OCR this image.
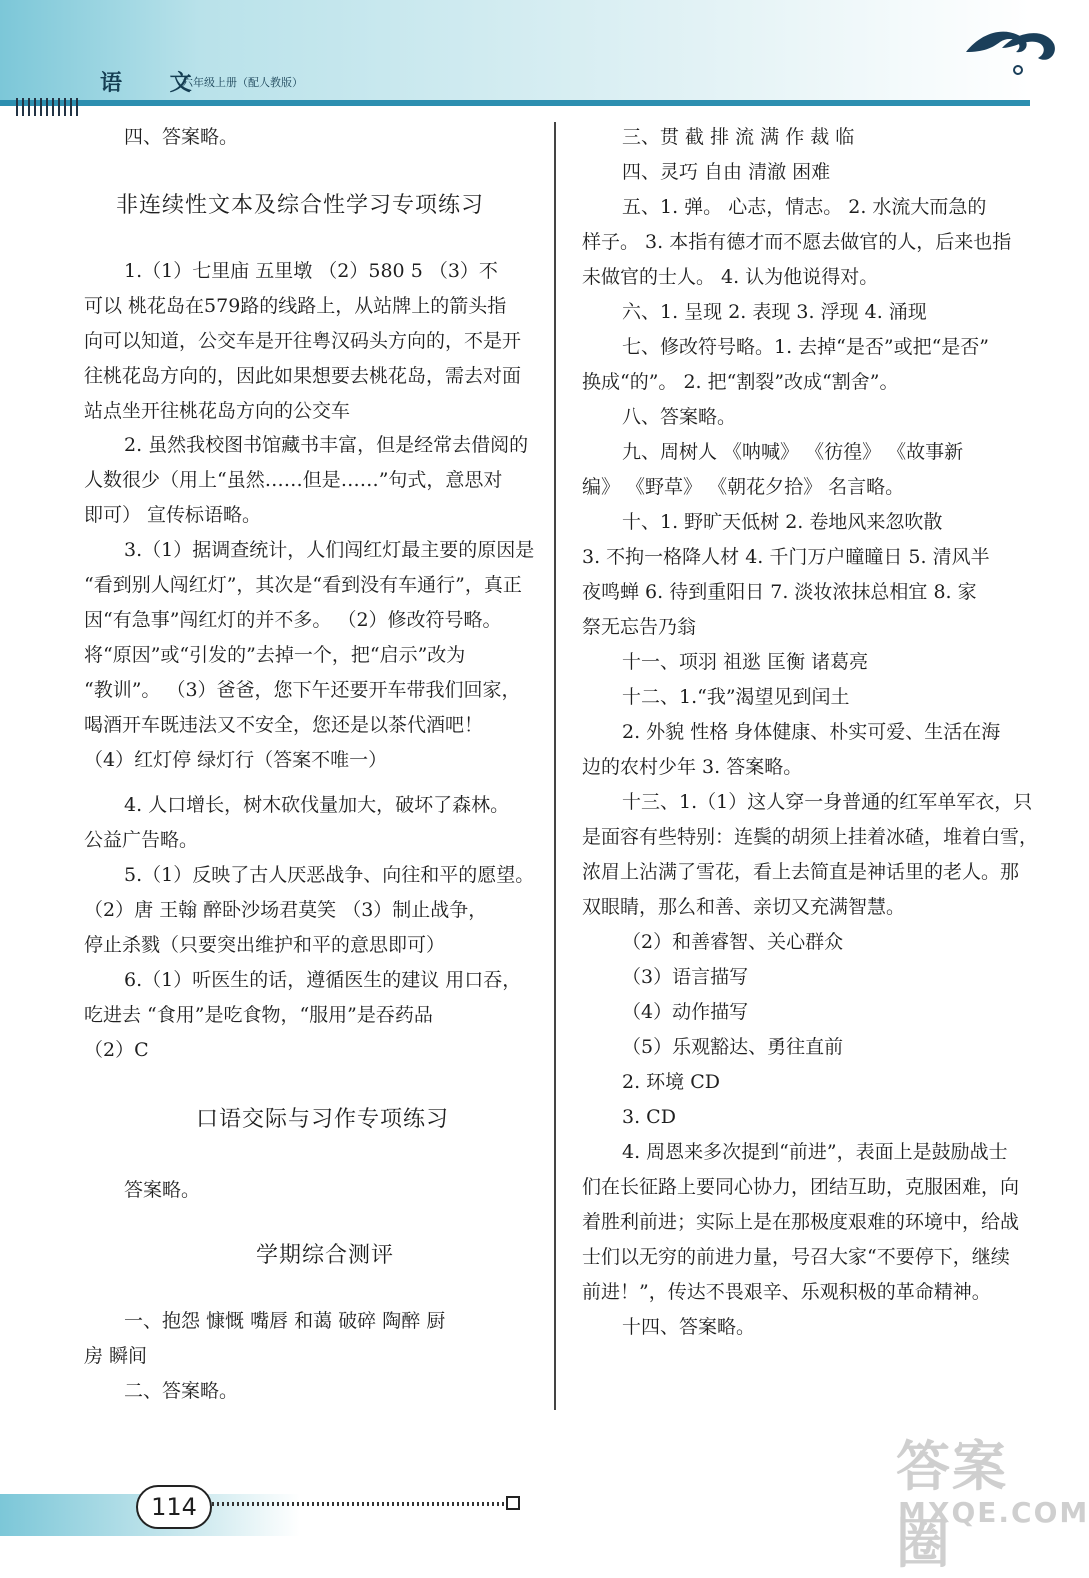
语 文
六年级上册（配人教版）
四、答案略。
非连续性文本及综合性学习专项练习
1.（1）七里庙 五里墩 （2）580 5 （3）不
可以 桃花岛在579路的线路上，从站牌上的箭头指
向可以知道，公交车是开往粤汉码头方向的，不是开
往桃花岛方向的，因此如果想要去桃花岛，需去对面
站点坐开往桃花岛方向的公交车
2. 虽然我校图书馆藏书丰富，但是经常去借阅的
人数很少（用上“虽然……但是……”句式，意思对
即可） 宣传标语略。
3.（1）据调查统计，人们闯红灯最主要的原因是
“看到别人闯红灯”，其次是“看到没有车通行”，真正
因“有急事”闯红灯的并不多。 （2）修改符号略。
将“原因”或“引发的”去掉一个，把“启示”改为
“教训”。 （3）爸爸，您下午还要开车带我们回家，
喝酒开车既违法又不安全，您还是以茶代酒吧！
（4）红灯停 绿灯行（答案不唯一）
4. 人口增长，树木砍伐量加大，破坏了森林。
公益广告略。
5.（1）反映了古人厌恶战争、向往和平的愿望。
（2）唐 王翰 醉卧沙场君莫笑 （3）制止战争，
停止杀戮（只要突出维护和平的意思即可）
6.（1）听医生的话，遵循医生的建议 用口吞，
吃进去 “食用”是吃食物，“服用”是吞药品
（2）C
口语交际与习作专项练习
答案略。
学期综合测评
一、抱怨 慷慨 嘴唇 和蔼 破碎 陶醉 厨
房 瞬间
二、答案略。
三、贯 截 排 流 满 作 裁 临
四、灵巧 自由 清澈 困难
五、1. 弹。 心志，情志。 2. 水流大而急的
样子。 3. 本指有德才而不愿去做官的人，后来也指
未做官的士人。 4. 认为他说得对。
六、1. 呈现 2. 表现 3. 浮现 4. 涌现
七、修改符号略。1. 去掉“是否”或把“是否”
换成“的”。 2. 把“割裂”改成“割舍”。
八、答案略。
九、周树人 《呐喊》 《彷徨》 《故事新
编》 《野草》 《朝花夕拾》 名言略。
十、1. 野旷天低树 2. 卷地风来忽吹散
3. 不拘一格降人材 4. 千门万户曈曈日 5. 清风半
夜鸣蝉 6. 待到重阳日 7. 淡妆浓抹总相宜 8. 家
祭无忘告乃翁
十一、项羽 祖逖 匡衡 诸葛亮
十二、1.“我”渴望见到闰土
2. 外貌 性格 身体健康、朴实可爱、生活在海
边的农村少年 3. 答案略。
十三、1.（1）这人穿一身普通的红军单军衣，只
是面容有些特别：连鬓的胡须上挂着冰碴，堆着白雪，
浓眉上沾满了雪花，看上去简直是神话里的老人。那
双眼睛，那么和善、亲切又充满智慧。
（2）和善睿智、关心群众
（3）语言描写
（4）动作描写
（5）乐观豁达、勇往直前
2. 环境 CD
3. CD
4. 周恩来多次提到“前进”，表面上是鼓励战士
们在长征路上要同心协力，团结互助，克服困难，向
着胜利前进；实际上是在那极度艰难的环境中，给战
士们以无穷的前进力量，号召大家“不要停下，继续
前进！”，传达不畏艰辛、乐观积极的革命精神。
十四、答案略。
114
答案圈
MXQE.COM
